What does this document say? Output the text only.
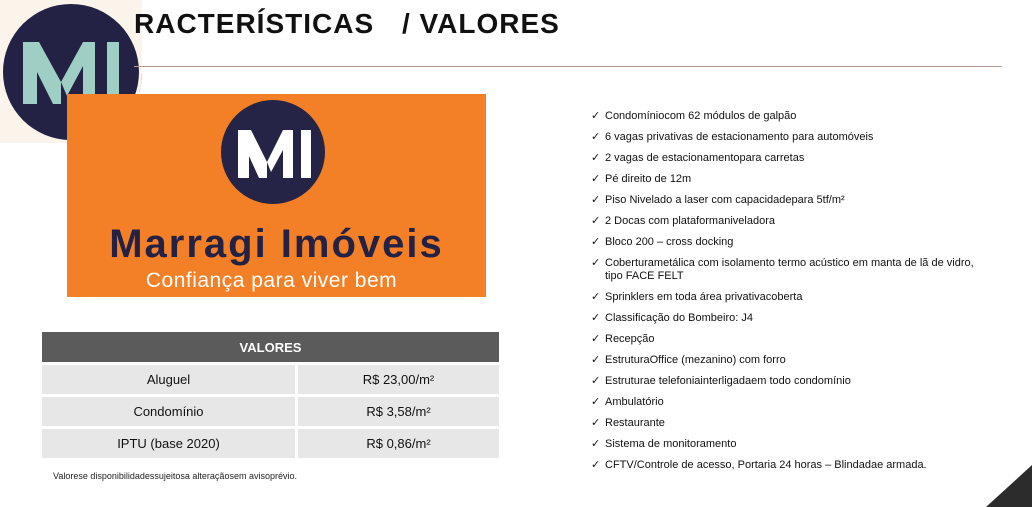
RACTERÍSTICAS / VALORES
Marragi Imóveis
Confiança para viver bem
VALORES	
Aluguel	R$ 23,00/m²
Condomínio	R$ 3,58/m²
IPTU (base 2020)	R$ 0,86/m²
Valorese disponibilidadessujeitosa alteraçãosem avisoprévio.
✓ Condomíniocom 62 módulos de galpão
✓ 6 vagas privativas de estacionamento para automóveis
✓ 2 vagas de estacionamentopara carretas
✓ Pé direito de 12m
✓ Piso Nivelado a laser com capacidadepara 5tf/m²
✓ 2 Docas com plataformaniveladora
✓ Bloco 200 – cross docking
✓ Coberturametálica com isolamento termo acústico em manta de lã de vidro, tipo FACE FELT
✓ Sprinklers em toda área privativacoberta
✓ Classificação do Bombeiro: J4
✓ Recepção
✓ EstruturaOffice (mezanino) com forro
✓ Estruturae telefoniainterligadaem todo condomínio
✓ Ambulatório
✓ Restaurante
✓ Sistema de monitoramento
✓ CFTV/Controle de acesso, Portaria 24 horas – Blindadae armada.
